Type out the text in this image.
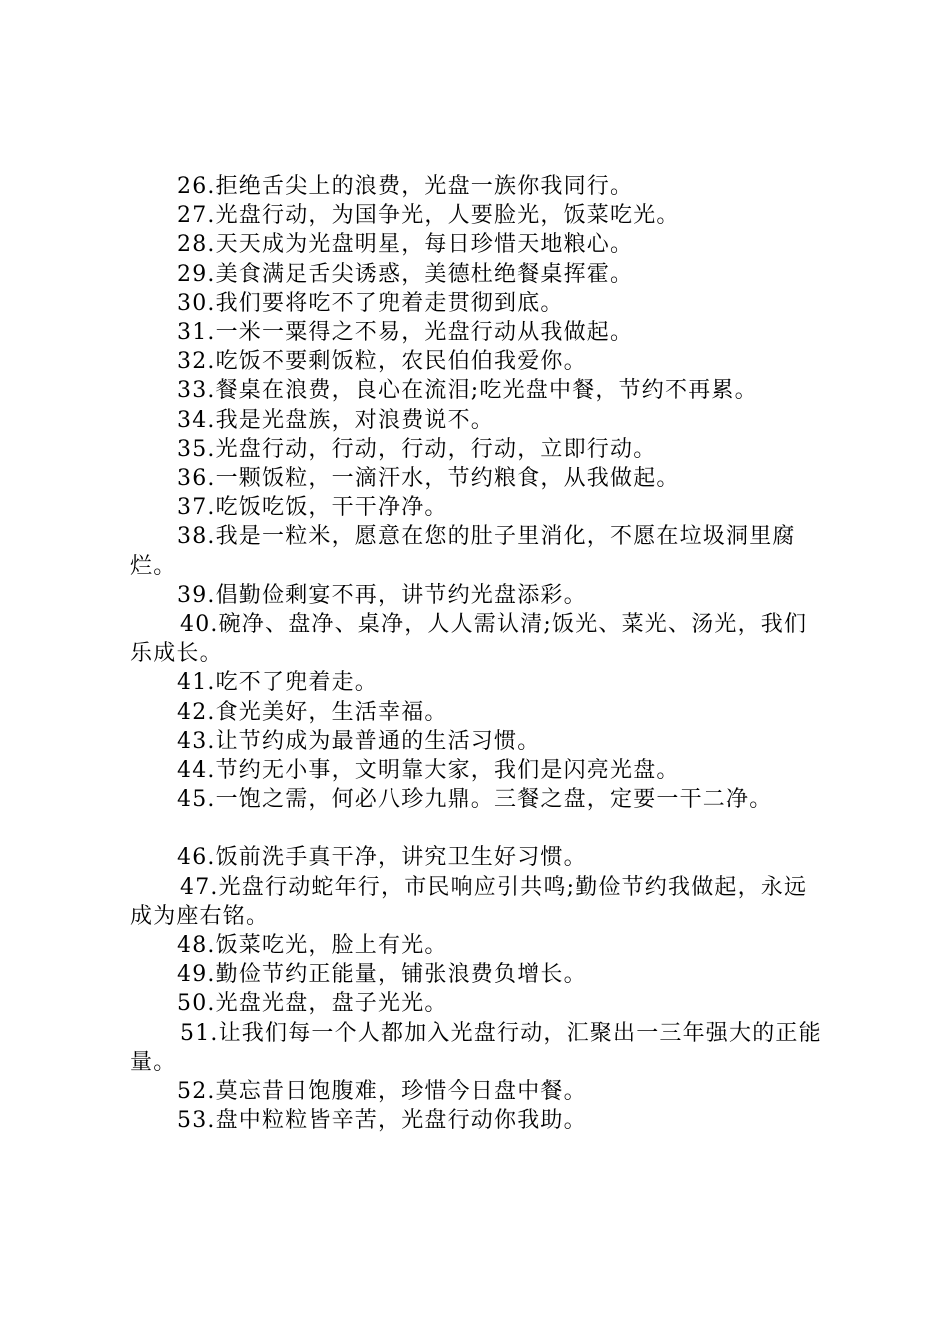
26.拒绝舌尖上的浪费，光盘一族你我同行。

27.光盘行动，为国争光，人要脸光，饭菜吃光。

28.天天成为光盘明星，每日珍惜天地粮心。

29.美食满足舌尖诱惑，美德杜绝餐桌挥霍。

30.我们要将吃不了兜着走贯彻到底。

31.一米一粟得之不易，光盘行动从我做起。

32.吃饭不要剩饭粒，农民伯伯我爱你。

33.餐桌在浪费，良心在流泪;吃光盘中餐，节约不再累。

34.我是光盘族，对浪费说不。

35.光盘行动，行动，行动，行动，立即行动。

36.一颗饭粒，一滴汗水，节约粮食，从我做起。

37.吃饭吃饭，干干净净。

38.我是一粒米，愿意在您的肚子里消化，不愿在垃圾洞里腐烂。

39.倡勤俭剩宴不再，讲节约光盘添彩。

40.碗净、盘净、桌净，人人需认清;饭光、菜光、汤光，我们乐成长。

41.吃不了兜着走。

42.食光美好，生活幸福。

43.让节约成为最普通的生活习惯。

44.节约无小事，文明靠大家，我们是闪亮光盘。

45.一饱之需，何必八珍九鼎。三餐之盘，定要一干二净。

46.饭前洗手真干净，讲究卫生好习惯。

47.光盘行动蛇年行，市民响应引共鸣;勤俭节约我做起，永远成为座右铭。

48.饭菜吃光，脸上有光。

49.勤俭节约正能量，铺张浪费负增长。

50.光盘光盘，盘子光光。

51.让我们每一个人都加入光盘行动，汇聚出一三年强大的正能量。

52.莫忘昔日饱腹难，珍惜今日盘中餐。

53.盘中粒粒皆辛苦，光盘行动你我助。
